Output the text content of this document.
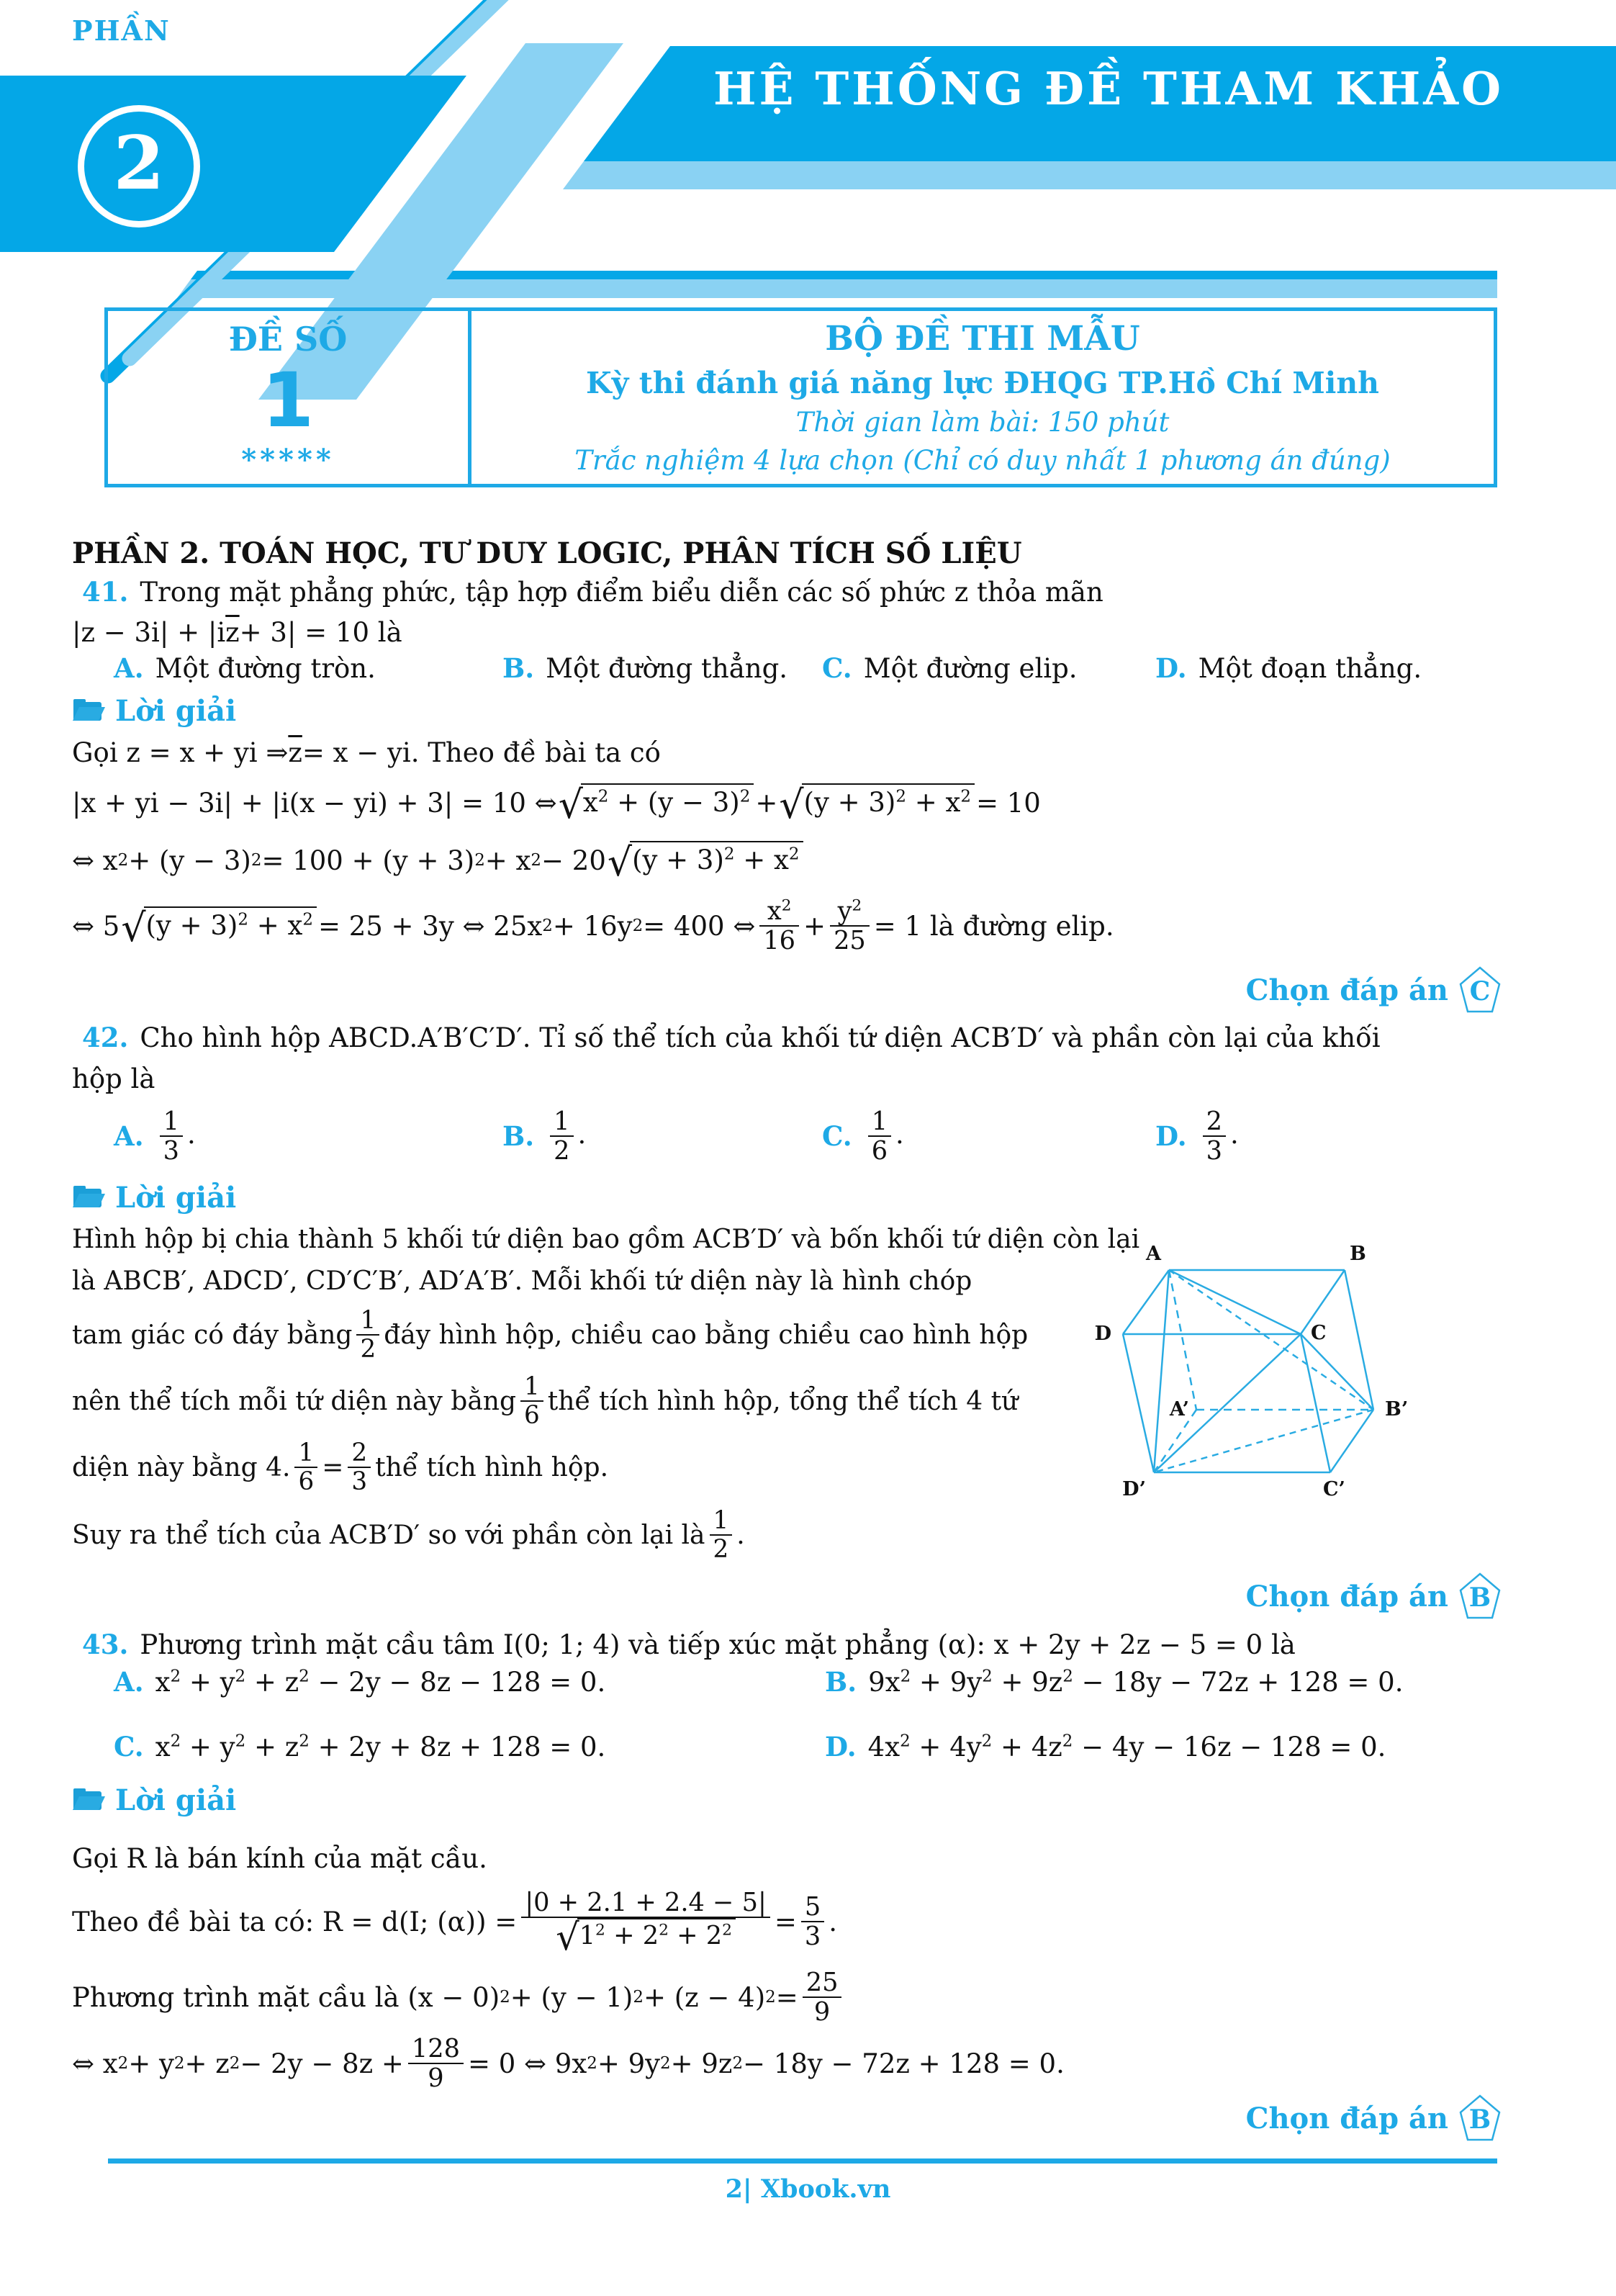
PHẦN
2
HỆ THỐNG ĐỀ THAM KHẢO
ĐỀ SỐ
1
*****
BỘ ĐỀ THI MẪU
Kỳ thi đánh giá năng lực ĐHQG TP.Hồ Chí Minh
Thời gian làm bài: 150 phút
Trắc nghiệm 4 lựa chọn (Chỉ có duy nhất 1 phương án đúng)
PHẦN 2. TOÁN HỌC, TƯ DUY LOGIC, PHÂN TÍCH SỐ LIỆU
41. Trong mặt phẳng phức, tập hợp điểm biểu diễn các số phức z thỏa mãn
|z − 3i| + |i $\overline{z} + 3| = 10$ là
A. Một đường tròn.	B. Một đường thẳng. C. Một đường elip.	D. Một đoạn thẳng.
Lời giải
Gọi z = x + yi ⇒ $\overline{z} = x$ − yi. Theo đề bài ta có
|x + yi − 3i| + |i(x − yi) + 3| = 10 ⇔ √ $x^2 + (y - 3)^2$ + √ $(y + 3)^2 + x^2 = 10$
⇔ x 2 + (y − 3) 2 = 100 + (y + 3) 2 + x 2 − 20 √ $(y + 3)^2 + x^2$
⇔ 5 √ $(y + 3)^2 + x^2 = 25 + 3y$ ⇔ 25x 2 + 16y 2 = 400 ⇔ $x^2$
$16 + y^2$
25 = 1 là đường elip.
Chọn đáp án C
42. Cho hình hộp ABCD.A′B′C′D′. Tỉ số thể tích của khối tứ diện ACB′D′ và phần còn lại của khối
hộp là
A. $\frac{1}{3}$ .	B. $\frac{1}{2}$ .	C. $\frac{1}{6}$ .	D. $\frac{2}{3}$ .
Lời giải
Hình hộp bị chia thành 5 khối tứ diện bao gồm ACB′D′ và bốn khối tứ diện còn lại
là ABCB′, ADCD′, CD′C′B′, AD′A′B′. Mỗi khối tứ diện này là hình chóp
tam giác có đáy bằng 1
2 đáy hình hộp, chiều cao bằng chiều cao hình hộp
nên thể tích mỗi tứ diện này bằng 1
6 thể tích hình hộp, tổng thể tích 4 tứ
diện này bằng 4. 1
6 = 2
3 thể tích hình hộp.
Suy ra thể tích của ACB′D′ so với phần còn lại là 1
2 .
A	B
C
D
A’	B’
C’
D’
Chọn đáp án B
43. Phương trình mặt cầu tâm I(0; 1; 4) và tiếp xúc mặt phẳng (α): x + 2y + 2z − 5 = 0 là
A. $x^2 + y^2 + z^2 - 2y - 8z - 128 = 0$.	B. $9x^2 + 9y^2 + 9z^2 - 18y - 72z + 128 = 0$.
C. $x^2 + y^2 + z^2 + 2y + 8z + 128 = 0$.	D. $4x^2 + 4y^2 + 4z^2 - 4y - 16z - 128 = 0$.
Lời giải
Gọi R là bán kính của mặt cầu.
Theo đề bài ta có: R = d(I; (α)) =
|0 + 2.1 + 2.4 − 5|
√ $1^2 + 2^2 + 2^2 = 5$
3 .
Phương trình mặt cầu là (x − 0) 2 + (y − 1) 2 + (z − 4) 2 = 25
9
⇔ x 2 + y 2 + z 2 − 2y − 8z + 128
9 = 0 ⇔ 9x 2 + 9y 2 + 9z 2 − 18y − 72z + 128 = 0.
Chọn đáp án B
2| Xbook.vn
